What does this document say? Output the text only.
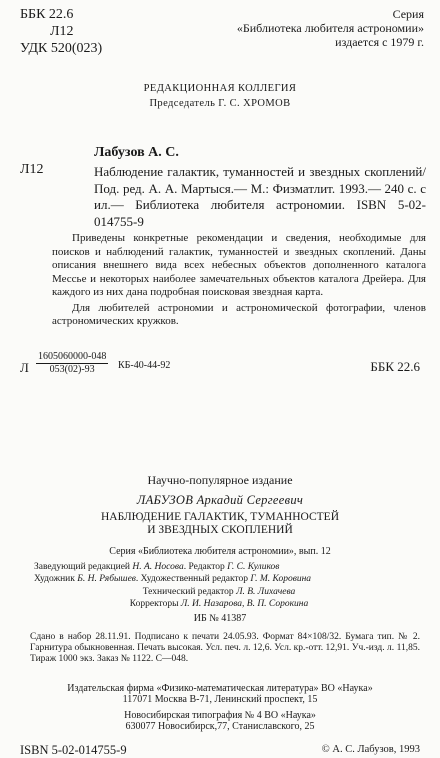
ББК 22.6
Л12
УДК 520(023)
Серия
«Библиотека любителя астрономии»
издается с 1979 г.
РЕДАКЦИОННАЯ КОЛЛЕГИЯ
Председатель Г. С. ХРОМОВ
Лабузов А. С.
Л12	Наблюдение галактик, туманностей и звездных скоплений/Под. ред. А. А. Мартыся.— М.: Физматлит. 1993.— 240 с. с ил.— Библиотека любителя астрономии. ISBN 5-02-014755-9

Приведены конкретные рекомендации и сведения, необходимые для поисков и наблюдений галактик, туманностей и звездных скоплений. Даны описания внешнего вида всех небесных объектов дополненного каталога Мессье и некоторых наиболее замечательных объектов каталога Дрейера. Для каждого из них дана подробная поисковая звездная карта.

Для любителей астрономии и астрономической фотографии, членов астрономических кружков.

Л $\frac{1605060000-048}{053(02)-93} КБ-40-44-92$	ББК 22.6
Научно-популярное издание
ЛАБУЗОВ Аркадий Сергеевич
НАБЛЮДЕНИЕ ГАЛАКТИК, ТУМАННОСТЕЙ
И ЗВЕЗДНЫХ СКОПЛЕНИЙ
Серия «Библиотека любителя астрономии», вып. 12
Заведующий редакцией Н. А. Носова. Редактор Г. С. Куликов
Художник Б. Н. Рябышев. Художественный редактор Г. М. Коровина
Технический редактор Л. В. Лихачева
Корректоры Л. И. Назарова, В. П. Сорокина
ИБ № 41387
Сдано в набор 28.11.91. Подписано к печати 24.05.93. Формат 84×108/32. Бумага тип. № 2. Гарнитура обыкновенная. Печать высокая. Усл. печ. л. 12,6. Усл. кр.-отт. 12,91. Уч.-изд. л. 11,85. Тираж 1000 экз. Заказ № 1122. С—048.
Издательская фирма «Физико-математическая литература» ВО «Наука»
117071 Москва В-71, Ленинский проспект, 15
Новосибирская типография № 4 ВО «Наука»
630077 Новосибирск,77, Станиславского, 25
ISBN 5-02-014755-9	© А. С. Лабузов, 1993
